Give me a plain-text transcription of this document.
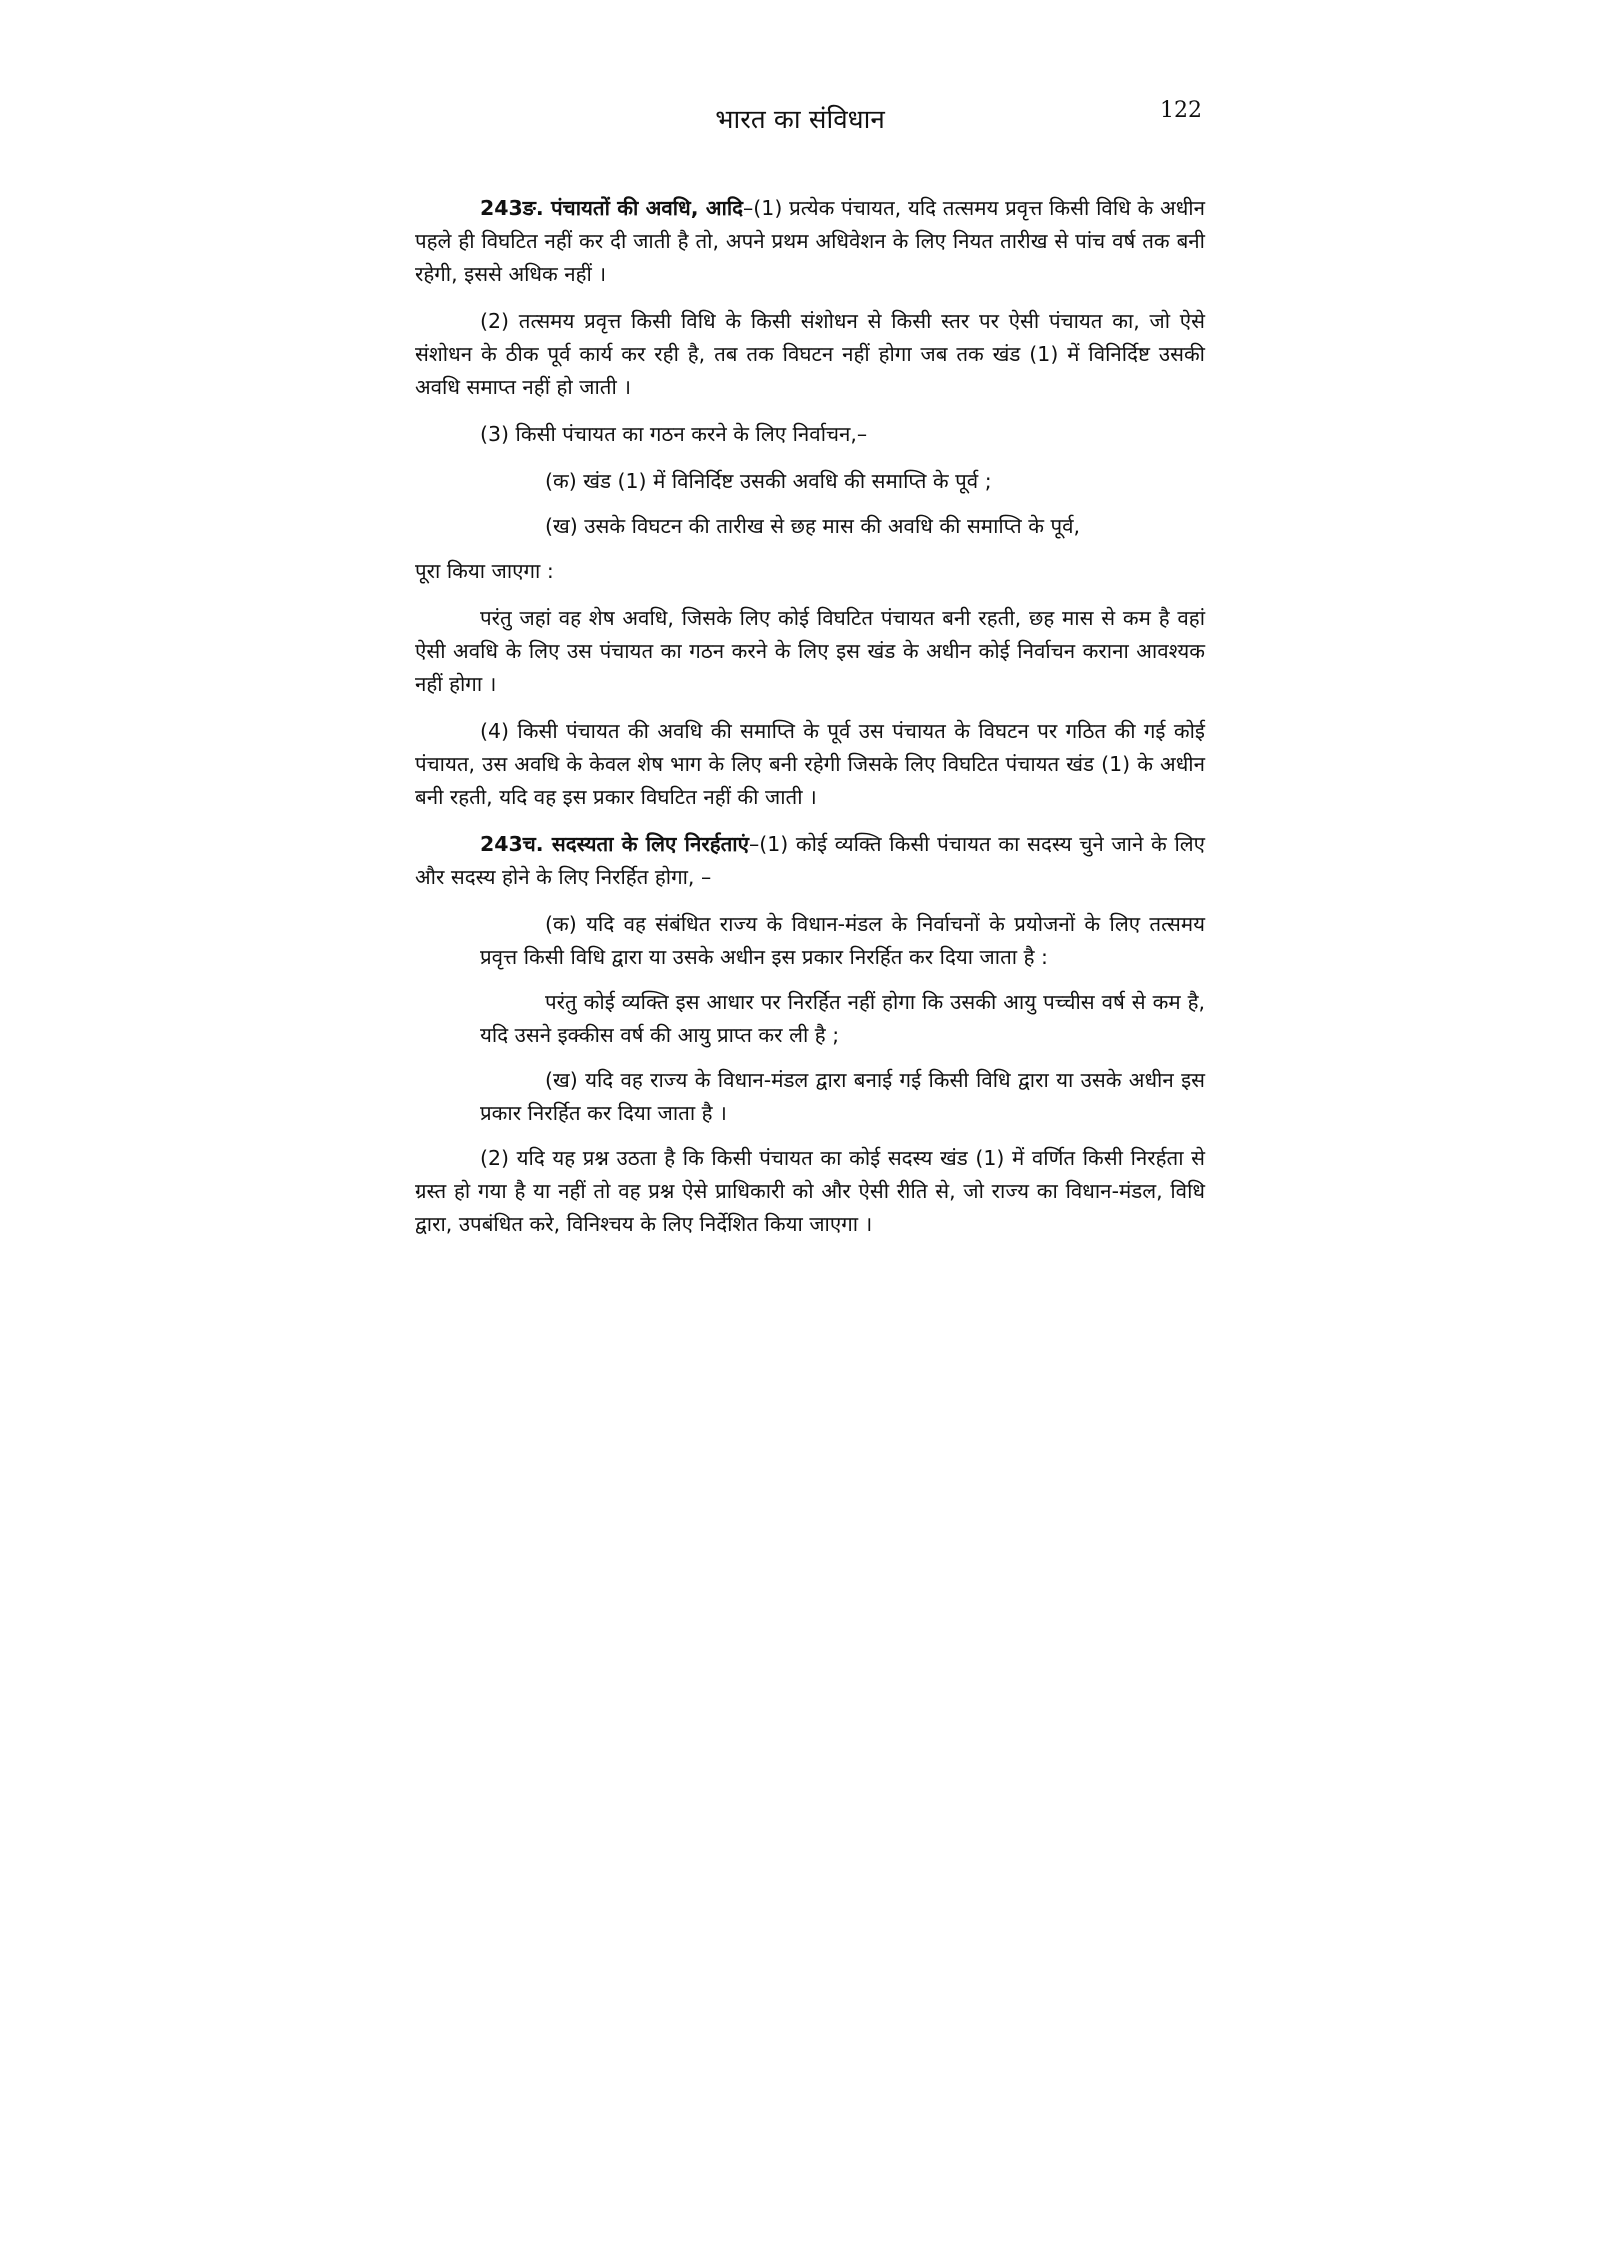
भारत का संविधान	122

243ङ. पंचायतों की अवधि, आदि–(1) प्रत्येक पंचायत, यदि तत्समय प्रवृत्त किसी विधि के अधीन पहले ही विघटित नहीं कर दी जाती है तो, अपने प्रथम अधिवेशन के लिए नियत तारीख से पांच वर्ष तक बनी रहेगी, इससे अधिक नहीं ।

(2) तत्समय प्रवृत्त किसी विधि के किसी संशोधन से किसी स्तर पर ऐसी पंचायत का, जो ऐसे संशोधन के ठीक पूर्व कार्य कर रही है, तब तक विघटन नहीं होगा जब तक खंड (1) में विनिर्दिष्ट उसकी अवधि समाप्त नहीं हो जाती ।

(3) किसी पंचायत का गठन करने के लिए निर्वाचन,–

(क) खंड (1) में विनिर्दिष्ट उसकी अवधि की समाप्ति के पूर्व ;

(ख) उसके विघटन की तारीख से छह मास की अवधि की समाप्ति के पूर्व,

पूरा किया जाएगा :

परंतु जहां वह शेष अवधि, जिसके लिए कोई विघटित पंचायत बनी रहती, छह मास से कम है वहां ऐसी अवधि के लिए उस पंचायत का गठन करने के लिए इस खंड के अधीन कोई निर्वाचन कराना आवश्यक नहीं होगा ।

(4) किसी पंचायत की अवधि की समाप्ति के पूर्व उस पंचायत के विघटन पर गठित की गई कोई पंचायत, उस अवधि के केवल शेष भाग के लिए बनी रहेगी जिसके लिए विघटित पंचायत खंड (1) के अधीन बनी रहती, यदि वह इस प्रकार विघटित नहीं की जाती ।

243च. सदस्यता के लिए निरर्हताएं–(1) कोई व्यक्ति किसी पंचायत का सदस्य चुने जाने के लिए और सदस्य होने के लिए निरर्हित होगा, –

(क) यदि वह संबंधित राज्य के विधान-मंडल के निर्वाचनों के प्रयोजनों के लिए तत्समय प्रवृत्त किसी विधि द्वारा या उसके अधीन इस प्रकार निरर्हित कर दिया जाता है :

परंतु कोई व्यक्ति इस आधार पर निरर्हित नहीं होगा कि उसकी आयु पच्चीस वर्ष से कम है, यदि उसने इक्कीस वर्ष की आयु प्राप्त कर ली है ;

(ख) यदि वह राज्य के विधान-मंडल द्वारा बनाई गई किसी विधि द्वारा या उसके अधीन इस प्रकार निरर्हित कर दिया जाता है ।

(2) यदि यह प्रश्न उठता है कि किसी पंचायत का कोई सदस्य खंड (1) में वर्णित किसी निरर्हता से ग्रस्त हो गया है या नहीं तो वह प्रश्न ऐसे प्राधिकारी को और ऐसी रीति से, जो राज्य का विधान-मंडल, विधि द्वारा, उपबंधित करे, विनिश्चय के लिए निर्देशित किया जाएगा ।
